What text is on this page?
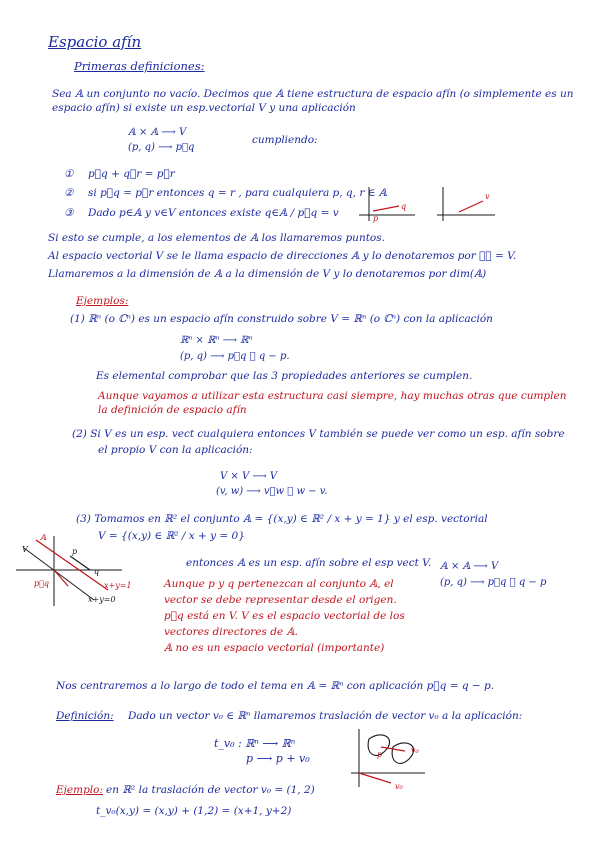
Espacio afín
Primeras definiciones:
Sea 𝔸 un conjunto no vacío. Decimos que 𝔸 tiene estructura de espacio afín (o simplemente es un
espacio afín) si existe un esp.vectorial V y una aplicación
𝔸 × 𝔸 ⟶ V
(p, q) ⟶ p⃗q
cumpliendo:
① p⃗q + q⃗r = p⃗r
② si p⃗q = p⃗r entonces q = r , para cualquiera p, q, r ∈ 𝔸
③ Dado p∈𝔸 y v∈V entonces existe q∈𝔸 / p⃗q = v	p
q
v
Si esto se cumple, a los elementos de 𝔸 los llamaremos puntos.
Al espacio vectorial V se le llama espacio de direcciones 𝔸 y lo denotaremos por 𝔸⃗ = V.
Llamaremos a la dimensión de 𝔸 a la dimensión de V y lo denotaremos por dim(𝔸)
Ejemplos:
(1) ℝⁿ (o ℂⁿ) es un espacio afín construido sobre V = ℝⁿ (o ℂⁿ) con la aplicación
ℝⁿ × ℝⁿ ⟶ ℝⁿ
(p, q) ⟶ p⃗q ≝ q − p.
Es elemental comprobar que las 3 propiedades anteriores se cumplen.
Aunque vayamos a utilizar esta estructura casi siempre, hay muchas otras que cumplen
la definición de espacio afín
(2) Si V es un esp. vect cualquiera entonces V también se puede ver como un esp. afín sobre
el propio V con la aplicación:
V × V ⟶ V
(v, w) ⟶ v⃗w ≝ w − v.
(3) Tomamos en ℝ² el conjunto 𝔸 = {(x,y) ∈ ℝ² / x + y = 1} y el esp. vectorial
V = {(x,y) ∈ ℝ² / x + y = 0}
entonces 𝔸 es un esp. afín sobre el esp vect V. 𝔸 × 𝔸 ⟶ V
(p, q) ⟶ p⃗q ≝ q − p
Aunque p y q pertenezcan al conjunto 𝔸, el
vector se debe representar desde el origen.
p⃗q está en V. V es el espacio vectorial de los
vectores directores de 𝔸.
𝔸 no es un espacio vectorial (importante)
V
𝔸
p
q
p⃗q	x+y=1
x+y=0
Nos centraremos a lo largo de todo el tema en 𝔸 = ℝⁿ con aplicación p⃗q = q − p.
Definición: Dado un vector v₀ ∈ ℝⁿ llamaremos traslación de vector v₀ a la aplicación:
t_v₀ : ℝⁿ ⟶ ℝⁿ
p ⟶ p + v₀	p	v₀
v₀
Ejemplo: en ℝ² la traslación de vector v₀ = (1, 2)
t_v₀(x,y) = (x,y) + (1,2) = (x+1, y+2)
